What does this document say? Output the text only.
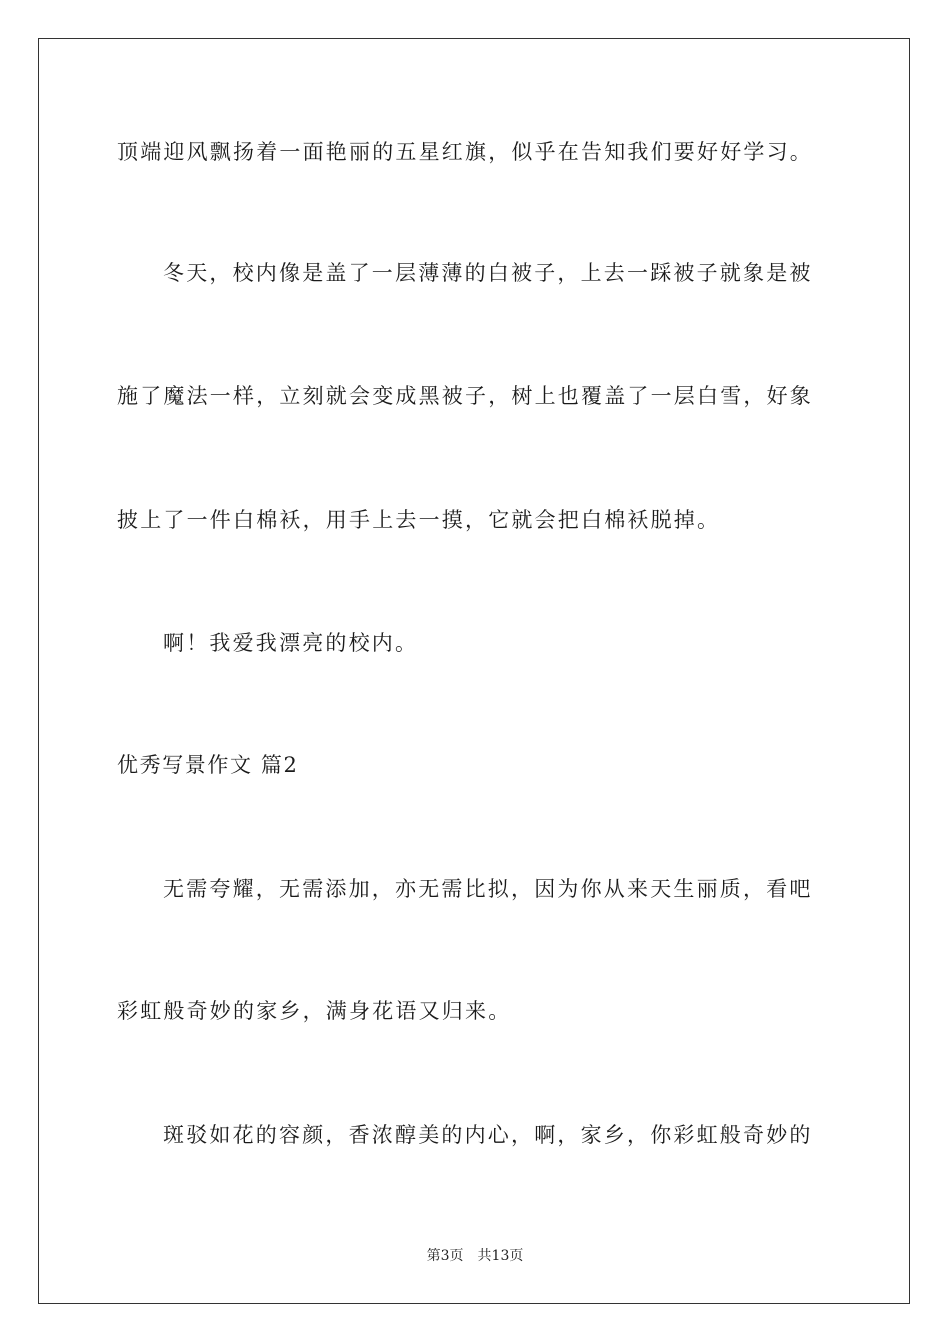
顶端迎风飘扬着一面艳丽的五星红旗，似乎在告知我们要好好学习。
冬天，校内像是盖了一层薄薄的白被子，上去一踩被子就象是被
施了魔法一样，立刻就会变成黑被子，树上也覆盖了一层白雪，好象
披上了一件白棉袄，用手上去一摸，它就会把白棉袄脱掉。
啊！我爱我漂亮的校内。
优秀写景作文 篇2
无需夸耀，无需添加，亦无需比拟，因为你从来天生丽质，看吧
彩虹般奇妙的家乡，满身花语又归来。
斑驳如花的容颜，香浓醇美的内心，啊，家乡，你彩虹般奇妙的
第3页 共13页
